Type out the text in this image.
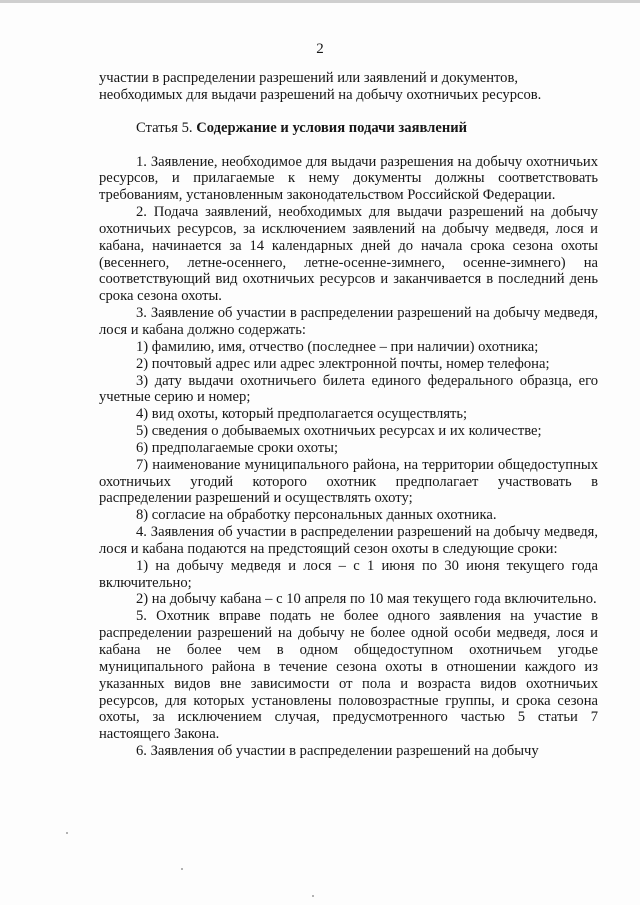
2

участии в распределении разрешений или заявлений и документов,

необходимых для выдачи разрешений на добычу охотничьих ресурсов.

Статья 5. Содержание и условия подачи заявлений

1. Заявление, необходимое для выдачи разрешения на добычу охотничьих ресурсов, и прилагаемые к нему документы должны соответствовать требованиям, установленным законодательством Российской Федерации.

2. Подача заявлений, необходимых для выдачи разрешений на добычу охотничьих ресурсов, за исключением заявлений на добычу медведя, лося и кабана, начинается за 14 календарных дней до начала срока сезона охоты (весеннего, летне-осеннего, летне-осенне-зимнего, осенне-зимнего) на соответствующий вид охотничьих ресурсов и заканчивается в последний день срока сезона охоты.

3. Заявление об участии в распределении разрешений на добычу медведя, лося и кабана должно содержать:

1) фамилию, имя, отчество (последнее – при наличии) охотника;

2) почтовый адрес или адрес электронной почты, номер телефона;

3) дату выдачи охотничьего билета единого федерального образца, его учетные серию и номер;

4) вид охоты, который предполагается осуществлять;

5) сведения о добываемых охотничьих ресурсах и их количестве;

6) предполагаемые сроки охоты;

7) наименование муниципального района, на территории общедоступных охотничьих угодий которого охотник предполагает участвовать в распределении разрешений и осуществлять охоту;

8) согласие на обработку персональных данных охотника.

4. Заявления об участии в распределении разрешений на добычу медведя, лося и кабана подаются на предстоящий сезон охоты в следующие сроки:

1) на добычу медведя и лося – с 1 июня по 30 июня текущего года включительно;

2) на добычу кабана – с 10 апреля по 10 мая текущего года включительно.

5. Охотник вправе подать не более одного заявления на участие в распределении разрешений на добычу не более одной особи медведя, лося и кабана не более чем в одном общедоступном охотничьем угодье муниципального района в течение сезона охоты в отношении каждого из указанных видов вне зависимости от пола и возраста видов охотничьих ресурсов, для которых установлены половозрастные группы, и срока сезона охоты, за исключением случая, предусмотренного частью 5 статьи 7 настоящего Закона.

6. Заявления об участии в распределении разрешений на добычу
